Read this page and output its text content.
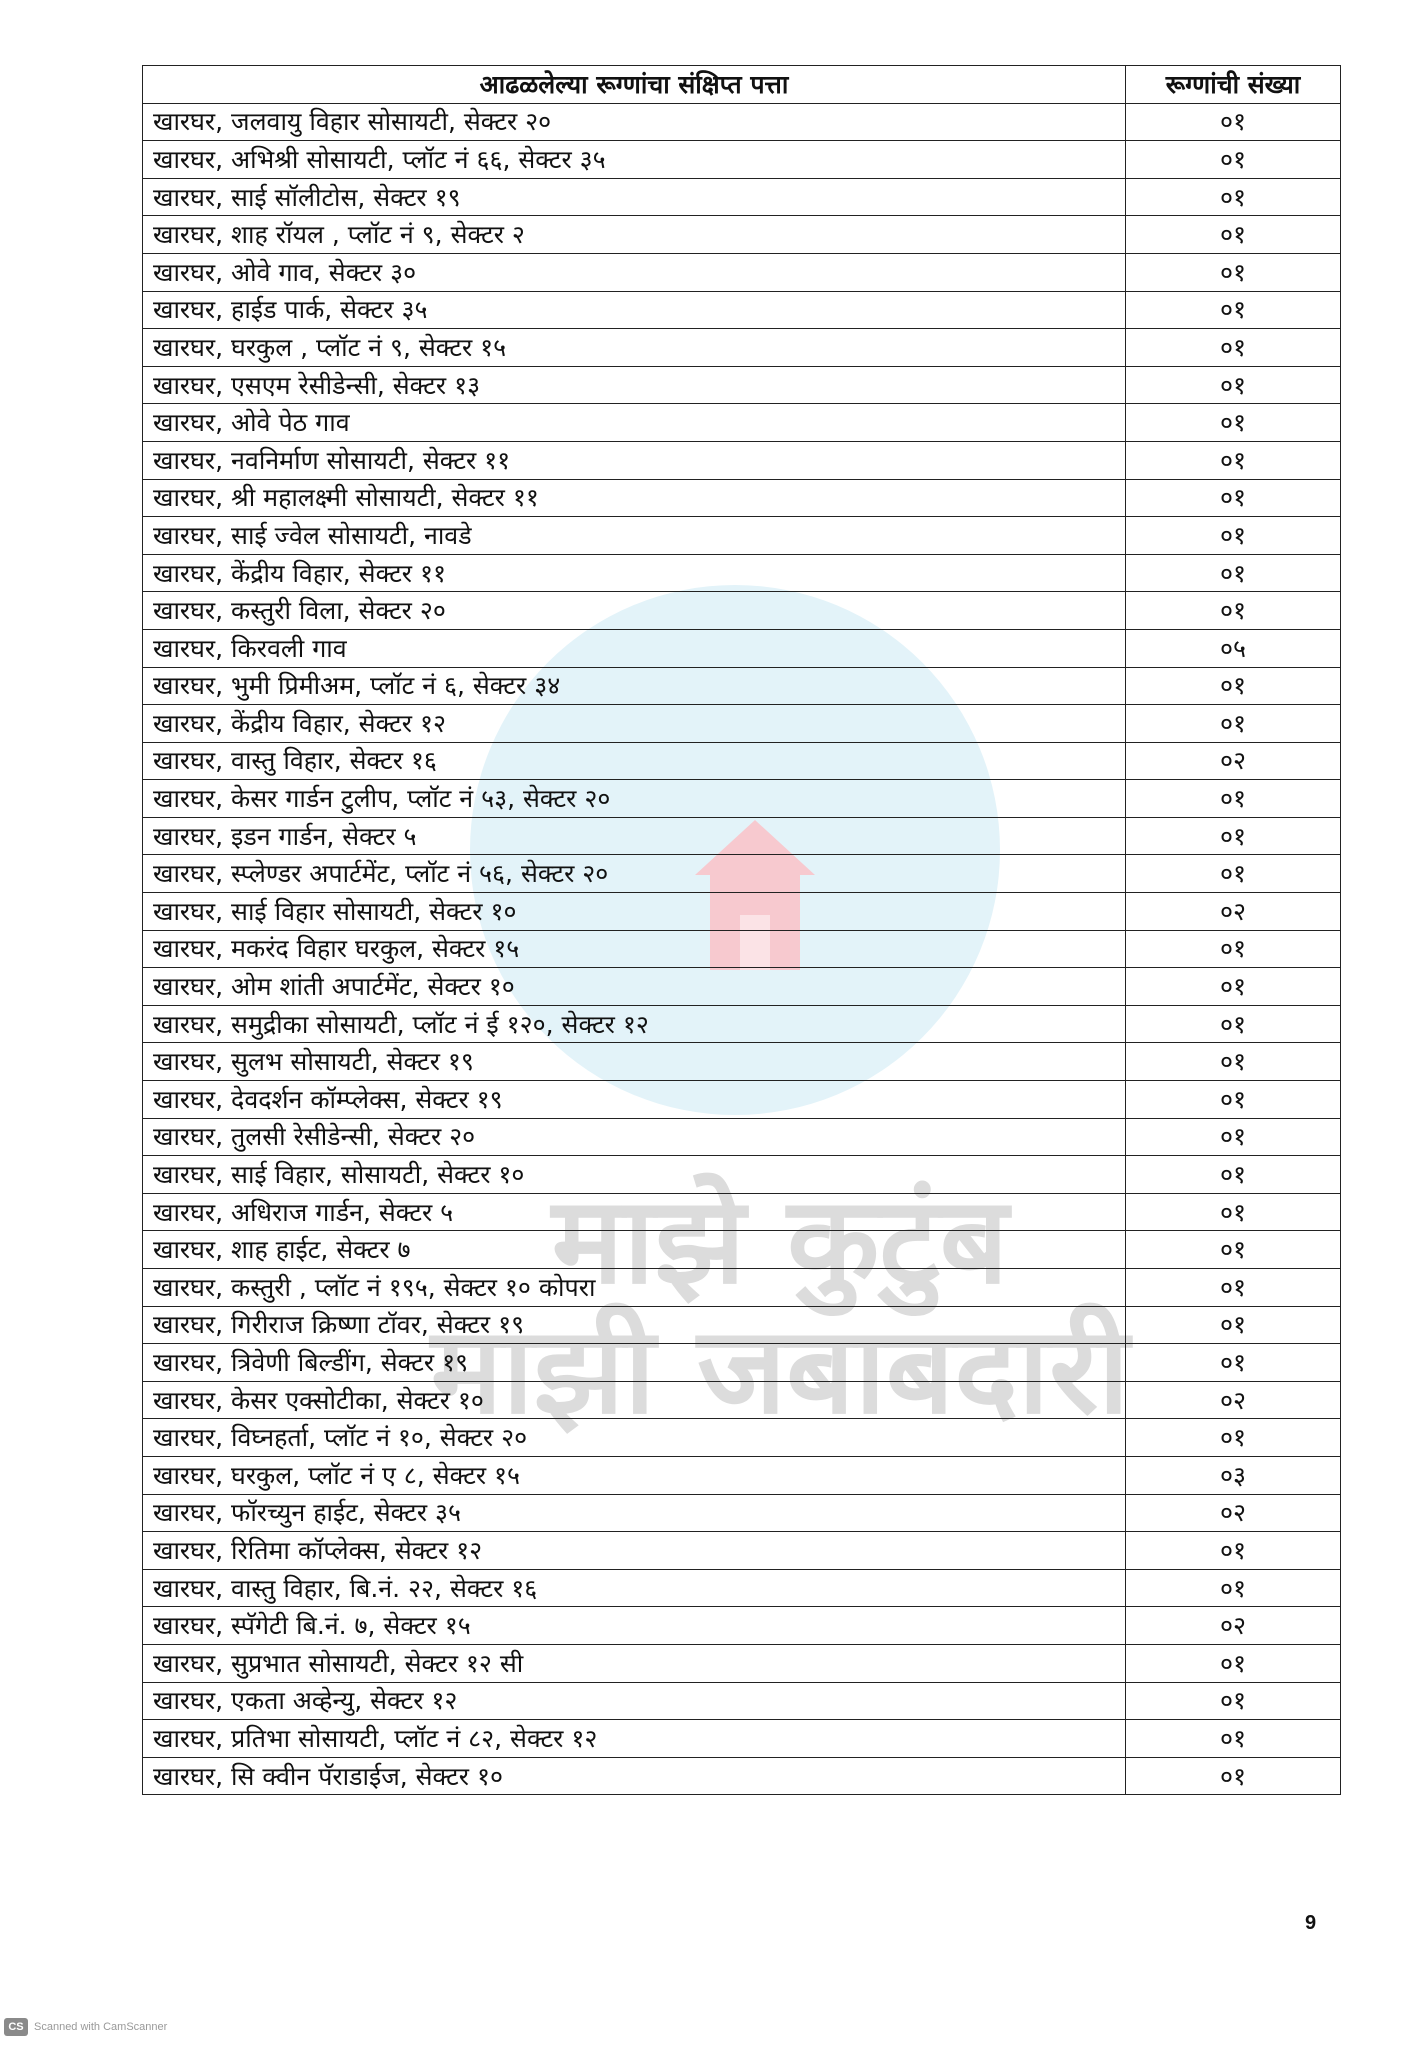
माझे कुटुंब
माझी जबाबदारी
आढळलेल्या रूग्णांचा संक्षिप्त पत्ता	रूग्णांची संख्या
खारघर, जलवायु विहार सोसायटी, सेक्टर २०	०१
खारघर, अभिश्री सोसायटी, प्लॉट नं ६६, सेक्टर ३५	०१
खारघर, साई सॉलीटोस, सेक्टर १९	०१
खारघर, शाह रॉयल , प्लॉट नं ९, सेक्टर २	०१
खारघर, ओवे गाव, सेक्टर ३०	०१
खारघर, हाईड पार्क, सेक्टर ३५	०१
खारघर, घरकुल , प्लॉट नं ९, सेक्टर १५	०१
खारघर, एसएम रेसीडेन्सी, सेक्टर १३	०१
खारघर, ओवे पेठ गाव	०१
खारघर, नवनिर्माण सोसायटी, सेक्टर ११	०१
खारघर, श्री महालक्ष्मी सोसायटी, सेक्टर ११	०१
खारघर, साई ज्वेल सोसायटी, नावडे	०१
खारघर, केंद्रीय विहार, सेक्टर ११	०१
खारघर, कस्तुरी विला, सेक्टर २०	०१
खारघर, किरवली गाव	०५
खारघर, भुमी प्रिमीअम, प्लॉट नं ६, सेक्टर ३४	०१
खारघर, केंद्रीय विहार, सेक्टर १२	०१
खारघर, वास्तु विहार, सेक्टर १६	०२
खारघर, केसर गार्डन टुलीप, प्लॉट नं ५३, सेक्टर २०	०१
खारघर, इडन गार्डन, सेक्टर ५	०१
खारघर, स्प्लेण्डर अपार्टमेंट, प्लॉट नं ५६, सेक्टर २०	०१
खारघर, साई विहार सोसायटी, सेक्टर १०	०२
खारघर, मकरंद विहार घरकुल, सेक्टर १५	०१
खारघर, ओम शांती अपार्टमेंट, सेक्टर १०	०१
खारघर, समुद्रीका सोसायटी, प्लॉट नं ई १२०, सेक्टर १२	०१
खारघर, सुलभ सोसायटी, सेक्टर १९	०१
खारघर, देवदर्शन कॉम्प्लेक्स, सेक्टर १९	०१
खारघर, तुलसी रेसीडेन्सी, सेक्टर २०	०१
खारघर, साई विहार, सोसायटी, सेक्टर १०	०१
खारघर, अधिराज गार्डन, सेक्टर ५	०१
खारघर, शाह हाईट, सेक्टर ७	०१
खारघर, कस्तुरी , प्लॉट नं १९५, सेक्टर १० कोपरा	०१
खारघर, गिरीराज क्रिष्णा टॉवर, सेक्टर १९	०१
खारघर, त्रिवेणी बिल्डींग, सेक्टर १९	०१
खारघर, केसर एक्सोटीका, सेक्टर १०	०२
खारघर, विघ्नहर्ता, प्लॉट नं १०, सेक्टर २०	०१
खारघर, घरकुल, प्लॉट नं ए ८, सेक्टर १५	०३
खारघर, फॉरच्युन हाईट, सेक्टर ३५	०२
खारघर, रितिमा कॉप्लेक्स, सेक्टर १२	०१
खारघर, वास्तु विहार, बि.नं. २२, सेक्टर १६	०१
खारघर, स्पॅगेटी बि.नं. ७, सेक्टर १५	०२
खारघर, सुप्रभात सोसायटी, सेक्टर १२ सी	०१
खारघर, एकता अव्हेन्यु, सेक्टर १२	०१
खारघर, प्रतिभा सोसायटी, प्लॉट नं ८२, सेक्टर १२	०१
खारघर, सि क्वीन पॅराडाईज, सेक्टर १०	०१
9
CS Scanned with CamScanner
